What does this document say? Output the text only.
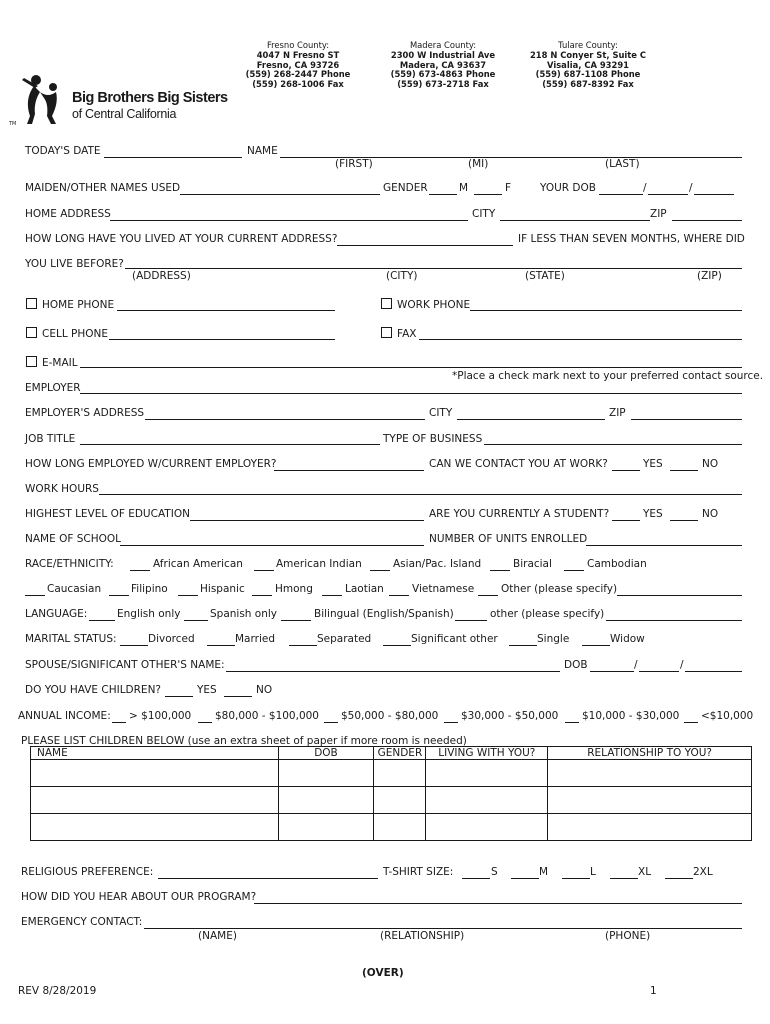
Fresno County:
4047 N Fresno ST
Fresno, CA 93726
(559) 268-2447 Phone
(559) 268-1006 Fax
Madera County:
2300 W Industrial Ave
Madera, CA 93637
(559) 673-4863 Phone
(559) 673-2718 Fax
Tulare County:
218 N Conyer St, Suite C
Visalia, CA 93291
(559) 687-1108 Phone
(559) 687-8392 Fax
TM
Big Brothers Big Sisters
of Central California
TODAY'S DATE	NAME
(FIRST)	(MI)	(LAST)
MAIDEN/OTHER NAMES USED	GENDER	M	F	YOUR DOB	/	/
HOME ADDRESS	CITY	ZIP
HOW LONG HAVE YOU LIVED AT YOUR CURRENT ADDRESS?	IF LESS THAN SEVEN MONTHS, WHERE DID
YOU LIVE BEFORE?
(ADDRESS)	(CITY)	(STATE)	(ZIP)
HOME PHONE	WORK PHONE
CELL PHONE	FAX
E-MAIL
*Place a check mark next to your preferred contact source.
EMPLOYER
EMPLOYER'S ADDRESS	CITY	ZIP
JOB TITLE	TYPE OF BUSINESS
HOW LONG EMPLOYED W/CURRENT EMPLOYER?	CAN WE CONTACT YOU AT WORK?	YES	NO
WORK HOURS
HIGHEST LEVEL OF EDUCATION	ARE YOU CURRENTLY A STUDENT?	YES	NO
NAME OF SCHOOL	NUMBER OF UNITS ENROLLED
RACE/ETHNICITY:	African American	American Indian	Asian/Pac. Island	Biracial	Cambodian
Caucasian	Filipino	Hispanic	Hmong	Laotian	Vietnamese	Other (please specify)
LANGUAGE:	English only	Spanish only	Bilingual (English/Spanish)	other (please specify)
MARITAL STATUS:	Divorced	Married	Separated	Significant other	Single	Widow
SPOUSE/SIGNIFICANT OTHER'S NAME:	DOB	/	/
DO YOU HAVE CHILDREN?	YES	NO
ANNUAL INCOME: > $100,000 $80,000 - $100,000 $50,000 - $80,000 $30,000 - $50,000 $10,000 - $30,000 <$10,000
PLEASE LIST CHILDREN BELOW (use an extra sheet of paper if more room is needed)
NAME	DOB	GENDER	LIVING WITH YOU?	RELATIONSHIP TO YOU?

RELIGIOUS PREFERENCE:	T-SHIRT SIZE:	S	M	L	XL	2XL
HOW DID YOU HEAR ABOUT OUR PROGRAM?
EMERGENCY CONTACT:
(NAME)	(RELATIONSHIP)	(PHONE)
(OVER)
REV 8/28/2019	1
